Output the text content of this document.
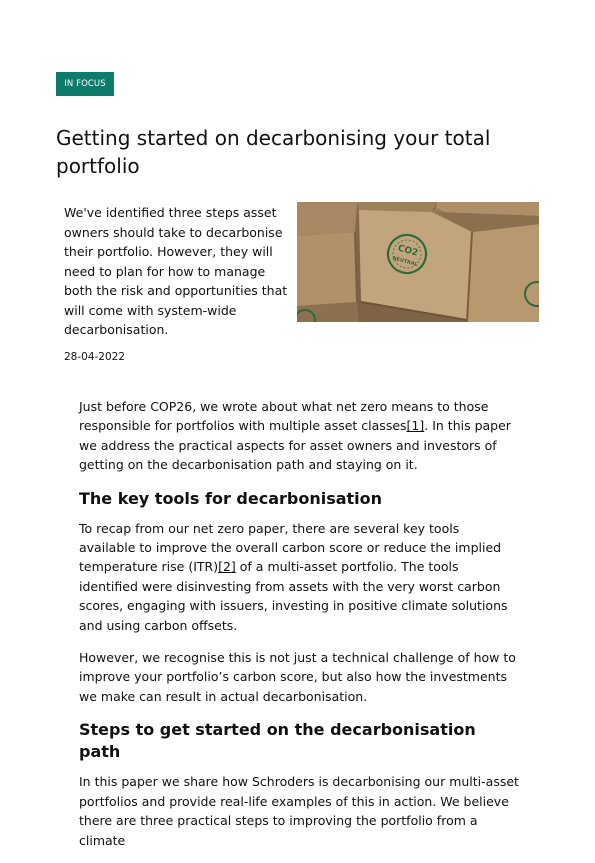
IN FOCUS
Getting started on decarbonising your total portfolio

We've identified three steps asset owners should take to decarbonise their portfolio. However, they will need to plan for how to manage both the risk and opportunities that will come with system-wide decarbonisation.

CO2
NEUTRAL
28-04-2022

Just before COP26, we wrote about what net zero means to those responsible for portfolios with multiple asset classes[1]. In this paper we address the practical aspects for asset owners and investors of getting on the decarbonisation path and staying on it.

The key tools for decarbonisation

To recap from our net zero paper, there are several key tools available to improve the overall carbon score or reduce the implied temperature rise (ITR)[2] of a multi-asset portfolio. The tools identified were disinvesting from assets with the very worst carbon scores, engaging with issuers, investing in positive climate solutions and using carbon offsets.

However, we recognise this is not just a technical challenge of how to improve your portfolio’s carbon score, but also how the investments we make can result in actual decarbonisation.

Steps to get started on the decarbonisation path

In this paper we share how Schroders is decarbonising our multi-asset portfolios and provide real-life examples of this in action. We believe there are three practical steps to improving the portfolio from a climate
